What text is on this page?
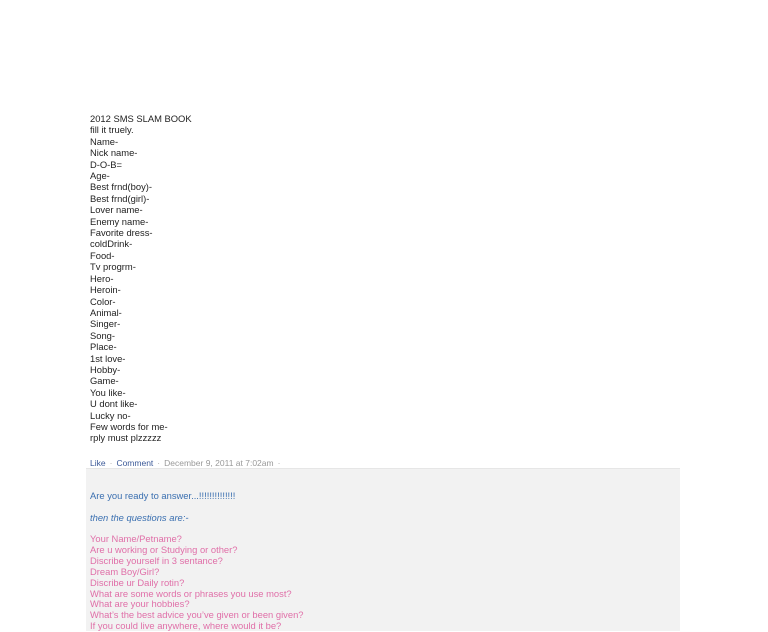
2012 SMS SLAM BOOK
fill it truely.
Name-
Nick name-
D-O-B=
Age-
Best frnd(boy)-
Best frnd(girl)-
Lover name-
Enemy name-
Favorite dress-
coldDrink-
Food-
Tv progrm-
Hero-
Heroin-
Color-
Animal-
Singer-
Song-
Place-
1st love-
Hobby-
Game-
You like-
U dont like-
Lucky no-
Few words for me-
rply must plzzzzz
Like · Comment · December 9, 2011 at 7:02am ·
Are you ready to answer...!!!!!!!!!!!!!!
then the questions are:-
Your Name/Petname?
Are u working or Studying or other?
Discribe yourself in 3 sentance?
Dream Boy/Girl?
Discribe ur Daily rotin?
What are some words or phrases you use most?
What are your hobbies?
What’s the best advice you’ve given or been given?
If you could live anywhere, where would it be?
